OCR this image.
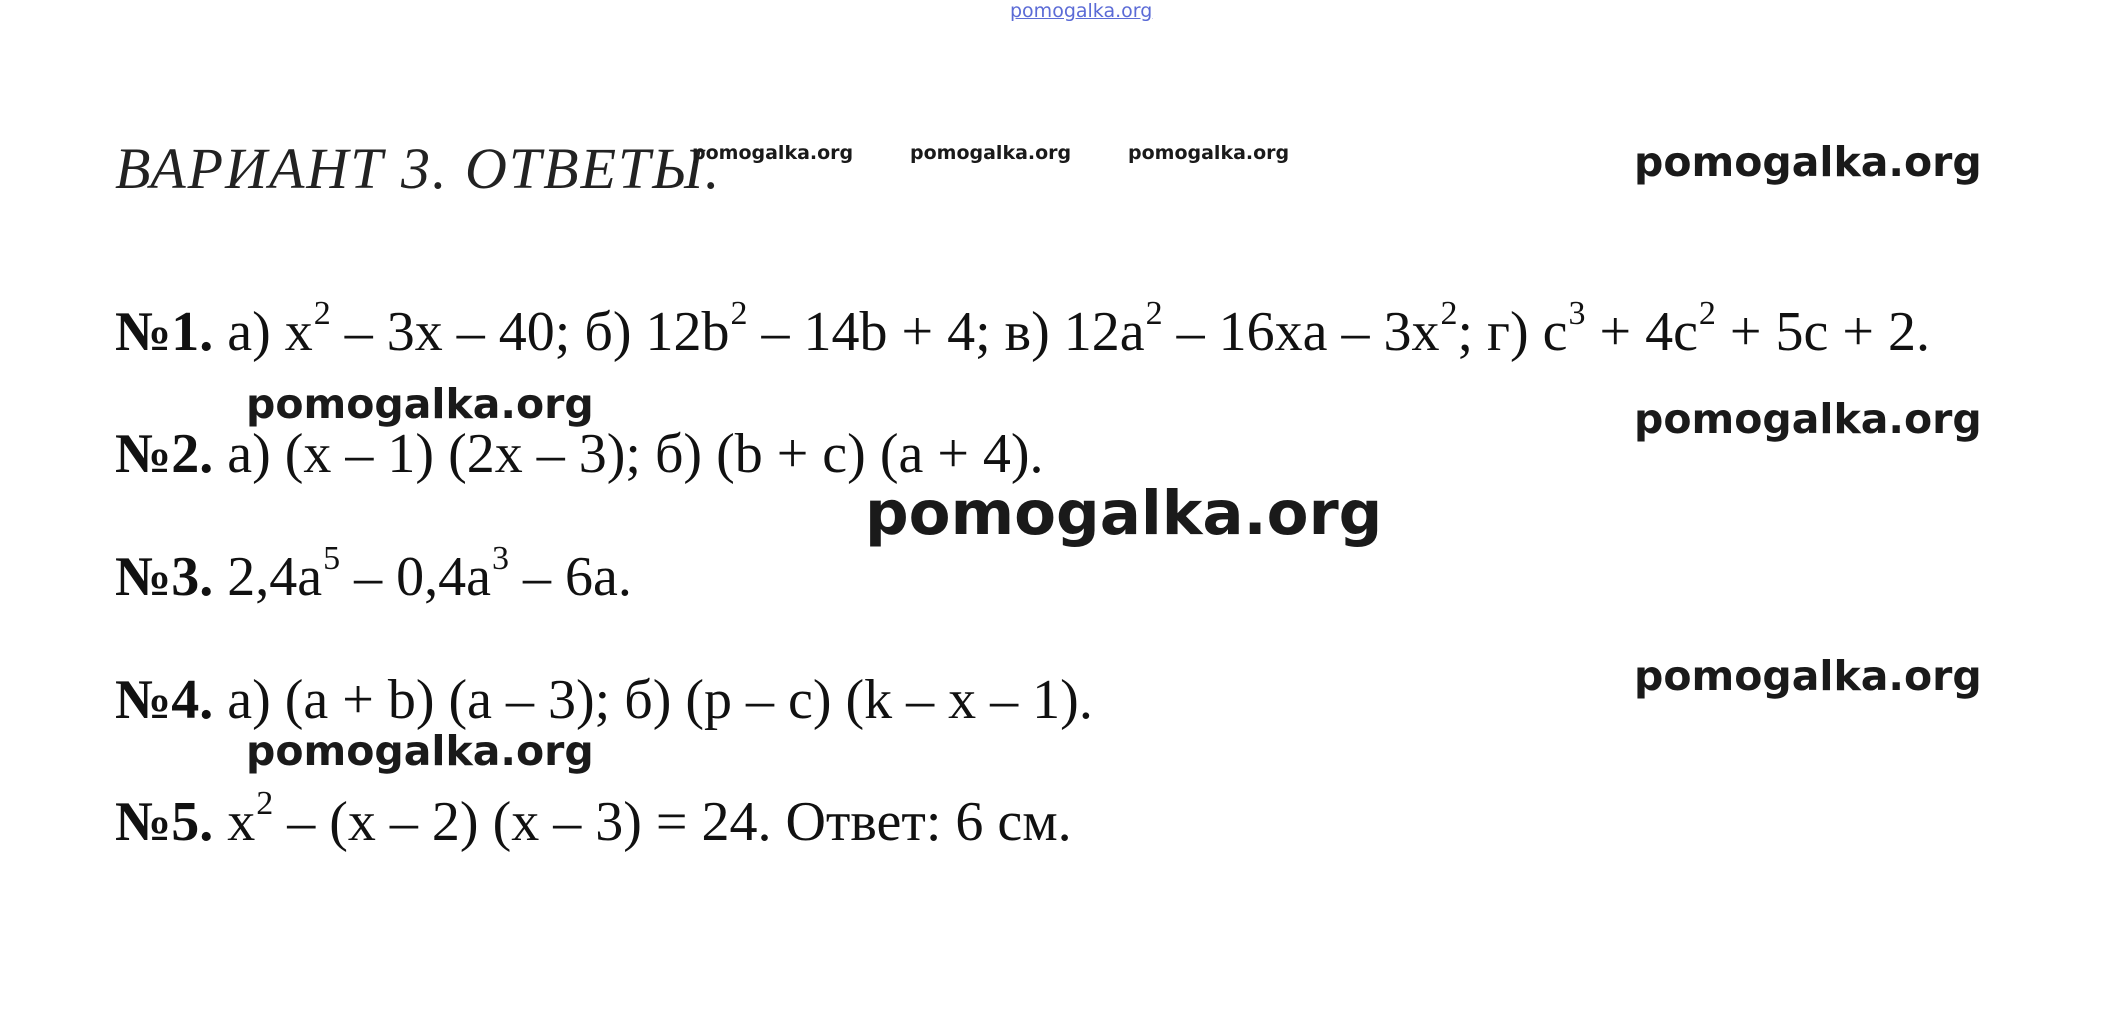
pomogalka.org
ВАРИАНТ 3. ОТВЕТЫ.
pomogalka.org	pomogalka.org	pomogalka.org	pomogalka.org
pomogalka.org	pomogalka.org
pomogalka.org
pomogalka.org
pomogalka.org
№1. а) $x^2 - 3x - 40$; б) $12b^2 - 14b + 4$; в) $12a^2 - 16xa - 3x^2$; г) $c^3 + 4c^2 + 5c + 2$.
№2. а) (x – 1) (2x – 3); б) (b + c) (a + 4).
№3. $2,4a^5 - 0,4a^3 - 6a$.
№4. а) (a + b) (a – 3); б) (p – c) (k – x – 1).
№5. $x^2 - (x - 2)$ (x – 3) = 24. Ответ: 6 см.
